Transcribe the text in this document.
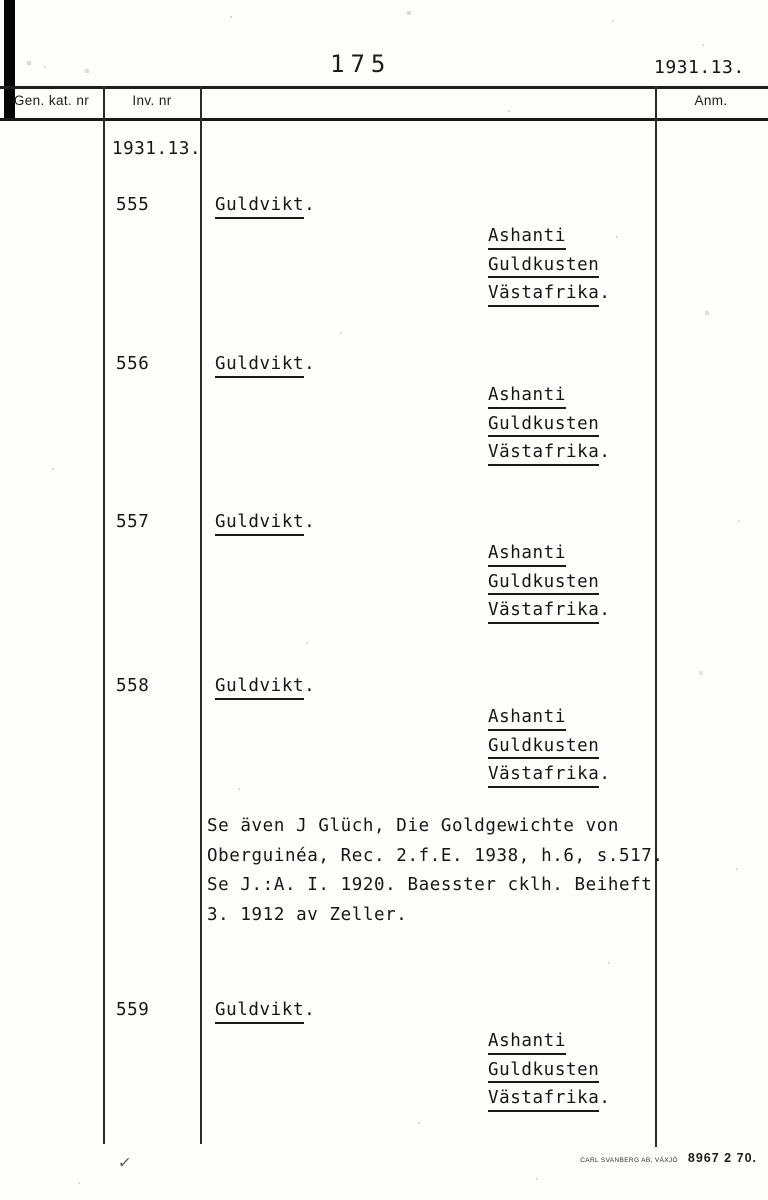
175	1931.13.
Gen. kat. nr	Inv. nr	Anm.
1931.13.
555	Guldvikt.
Ashanti
Guldkusten
Västafrika.
556	Guldvikt.
Ashanti
Guldkusten
Västafrika.
557	Guldvikt.
Ashanti
Guldkusten
Västafrika.
558	Guldvikt.
Ashanti
Guldkusten
Västafrika.
Se även J Glüch, Die Goldgewichte von
Oberguinéa, Rec. 2.f.E. 1938, h.6, s.517.
Se J.:A. I. 1920. Baesster cklh. Beiheft
3. 1912 av Zeller.
559	Guldvikt.
Ashanti
Guldkusten
Västafrika.
✓	CARL SVANBERG AB, VÄXJÖ 8967 2 70.
